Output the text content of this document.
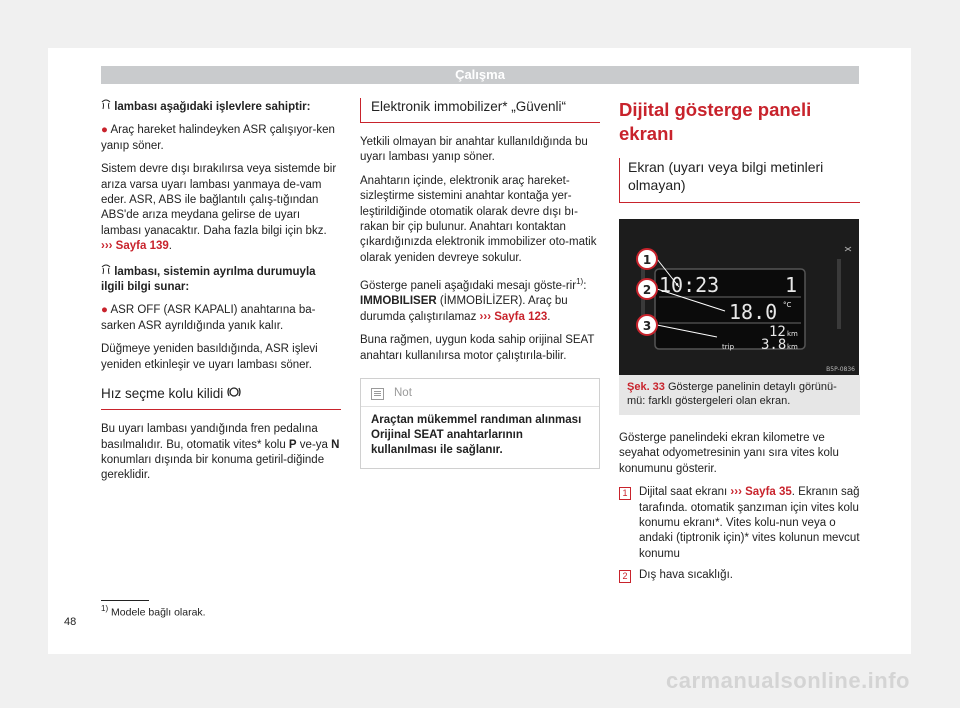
Çalışma

lambası aşağıdaki işlevlere sahiptir:

● Araç hareket halindeyken ASR çalışıyor-ken yanıp söner.

Sistem devre dışı bırakılırsa veya sistemde bir arıza varsa uyarı lambası yanmaya de-vam eder. ASR, ABS ile bağlantılı çalış-tığından ABS'de arıza meydana gelirse de uyarı lambası yanacaktır. Daha fazla bilgi için bkz. ››› Sayfa 139.

lambası, sistemin ayrılma durumuyla ilgili bilgi sunar:

● ASR OFF (ASR KAPALI) anahtarına ba-sarken ASR ayrıldığında yanık kalır.

Düğmeye yeniden basıldığında, ASR işlevi yeniden etkinleşir ve uyarı lambası söner.

Hız seçme kolu kilidi

Bu uyarı lambası yandığında fren pedalına basılmalıdır. Bu, otomatik vites* kolu P ve-ya N konumları dışında bir konuma getiril-diğinde gereklidir.

Elektronik immobilizer* „Güvenli“

Yetkili olmayan bir anahtar kullanıldığında bu uyarı lambası yanıp söner.

Anahtarın içinde, elektronik araç hareket-sizleştirme sistemini anahtar kontağa yer-leştirildiğinde otomatik olarak devre dışı bı-rakan bir çip bulunur. Anahtarı kontaktan çıkardığınızda elektronik immobilizer oto-matik olarak yeniden devreye sokulur.

Gösterge paneli aşağıdaki mesajı göste-rir$^{1)}$: IMMOBILISER (İMMOBİLİZER). Araç bu durumda çalıştırılamaz ››› Sayfa 123.

Buna rağmen, uygun koda sahip orijinal SEAT anahtarı kullanılırsa motor çalıştırıla-bilir.

Not
Araçtan mükemmel randıman alınması Orijinal SEAT anahtarlarının kullanılması ile sağlanır.
Dijital gösterge paneli ekranı
Ekran (uyarı veya bilgi metinleri olmayan)
10:23	1
18.0 °C
12 km
trip 3.8 km
1
2
3
B5P-0836
Şek. 33 Gösterge panelinin detaylı görünü-mü: farklı göstergeleri olan ekran.

Gösterge panelindeki ekran kilometre ve seyahat odyometresinin yanı sıra vites kolu konumunu gösterir.

1	Dijital saat ekranı ››› Sayfa 35. Ekranın sağ tarafında. otomatik şanzıman için vites kolu konumu ekranı*. Vites kolu-nun veya o andaki (tiptronik için)* vites kolunun mevcut konumu
2	Dış hava sıcaklığı.
$^{1)}$ Modele bağlı olarak.
48
carmanualsonline.info
